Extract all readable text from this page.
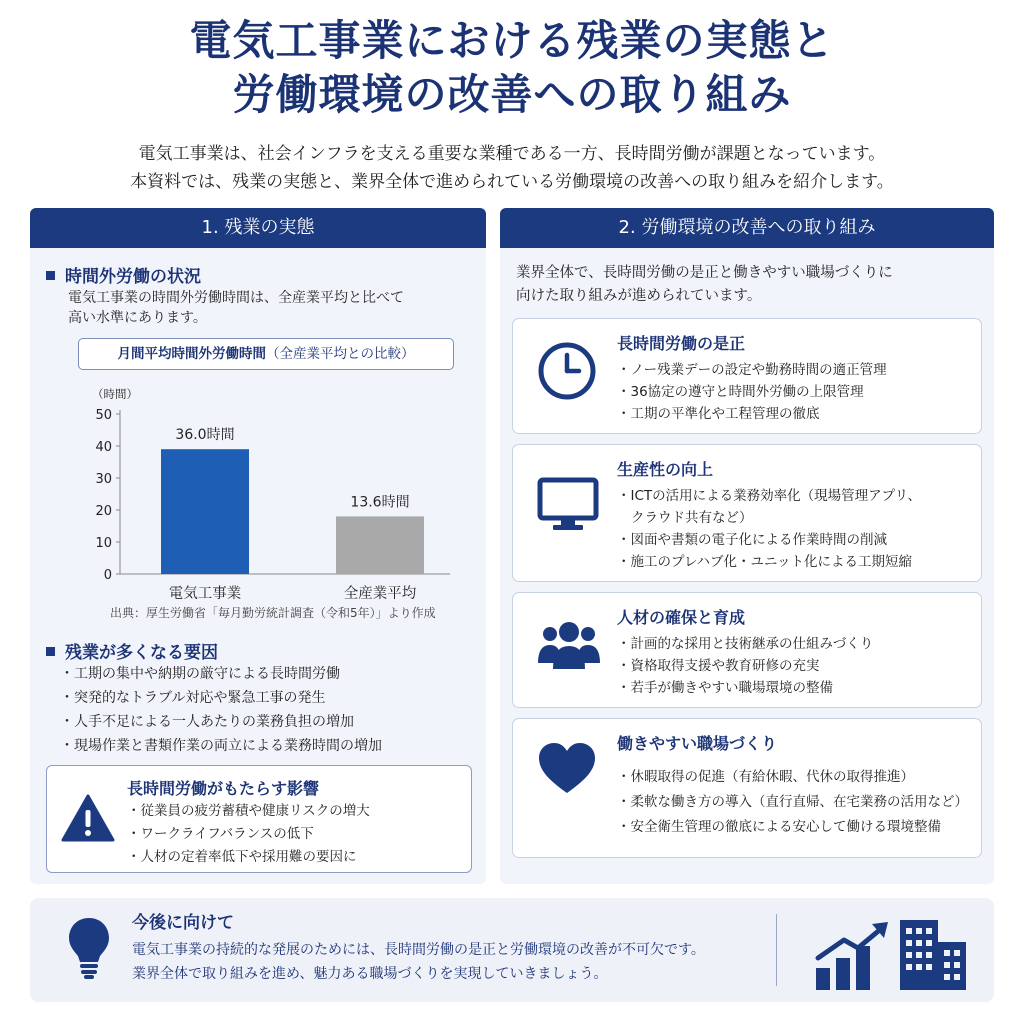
電気工事業における残業の実態と
労働環境の改善への取り組み
電気工事業は、社会インフラを支える重要な業種である一方、長時間労働が課題となっています。
本資料では、残業の実態と、業界全体で進められている労働環境の改善への取り組みを紹介します。
1. 残業の実態
時間外労働の状況
電気工事業の時間外労働時間は、全産業平均と比べて
高い水準にあります。
月間平均時間外労働時間（全産業平均との比較）
（時間）
0
10
20
30
40
50
36.0時間
電気工事業
13.6時間
全産業平均
出典：厚生労働省「毎月勤労統計調査（令和5年）」より作成
残業が多くなる要因
・ 工期の集中や納期の厳守による長時間労働
・ 突発的なトラブル対応や緊急工事の発生
・ 人手不足による一人あたりの業務負担の増加
・ 現場作業と書類作業の両立による業務時間の増加
長時間労働がもたらす影響
・ 従業員の疲労蓄積や健康リスクの増大
・ ワークライフバランスの低下
・ 人材の定着率低下や採用難の要因に
2. 労働環境の改善への取り組み
業界全体で、長時間労働の是正と働きやすい職場づくりに
向けた取り組みが進められています。
長時間労働の是正
・ ノー残業デーの設定や勤務時間の適正管理
・ 36協定の遵守と時間外労働の上限管理
・ 工期の平準化や工程管理の徹底
生産性の向上
・ ICTの活用による業務効率化（現場管理アプリ、
クラウド共有など）
・ 図面や書類の電子化による作業時間の削減
・ 施工のプレハブ化・ユニット化による工期短縮
人材の確保と育成
・ 計画的な採用と技術継承の仕組みづくり
・ 資格取得支援や教育研修の充実
・ 若手が働きやすい職場環境の整備
働きやすい職場づくり
・ 休暇取得の促進（有給休暇、代休の取得推進）
・ 柔軟な働き方の導入（直行直帰、在宅業務の活用など）
・ 安全衛生管理の徹底による安心して働ける環境整備
今後に向けて
電気工事業の持続的な発展のためには、長時間労働の是正と労働環境の改善が不可欠です。
業界全体で取り組みを進め、魅力ある職場づくりを実現していきましょう。
